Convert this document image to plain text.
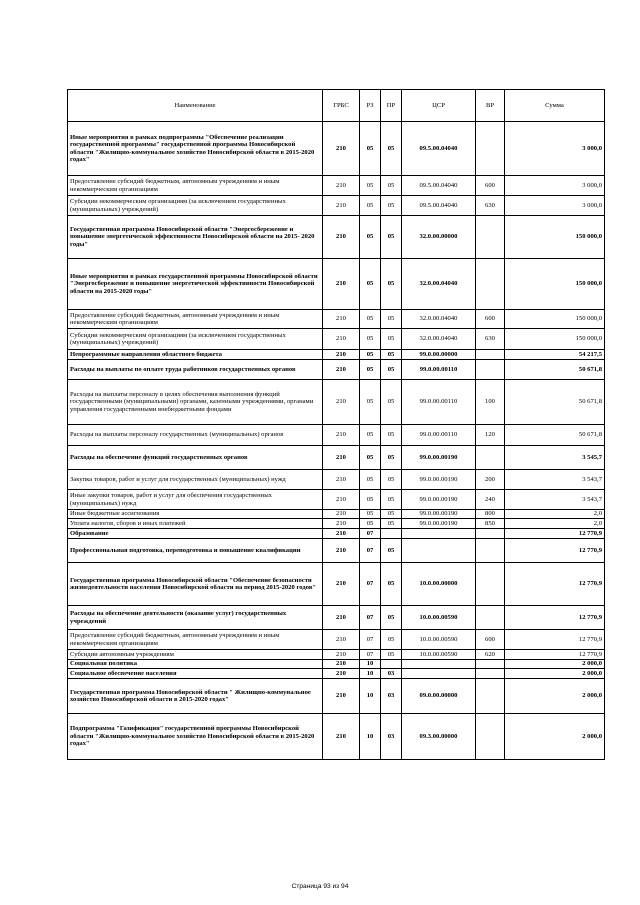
Наименование	ГРБС	РЗ	ПР	ЦСР	ВР	Сумма
Иные мероприятия в рамках подпрограммы "Обеспечение реализации государственной программы" государственной программы Новосибирской области "Жилищно-коммунальное хозяйство Новосибирской области в 2015-2020 годах"	210	05	05	09.5.00.04040		3 000,0
Предоставление субсидий бюджетным, автономным учреждениям и иным некоммерческим организациям	210	05	05	09.5.00.04040	600	3 000,0
Субсидии некоммерческим организациям (за исключением государственных (муниципальных) учреждений)	210	05	05	09.5.00.04040	630	3 000,0
Государственная программа Новосибирской области "Энергосбережение и повышение энергетической эффективности Новосибирской области на 2015- 2020 годы"	210	05	05	32.0.00.00000		150 000,0
Иные мероприятия в рамках государственной программы Новосибирской области "Энергосбережение и повышение энергетической эффективности Новосибирской области на 2015-2020 годы"	210	05	05	32.0.00.04040		150 000,0
Предоставление субсидий бюджетным, автономным учреждениям и иным некоммерческим организациям	210	05	05	32.0.00.04040	600	150 000,0
Субсидии некоммерческим организациям (за исключением государственных (муниципальных) учреждений)	210	05	05	32.0.00.04040	630	150 000,0
Непрограммные направления областного бюджета	210	05	05	99.0.00.00000		54 217,5
Расходы на выплаты по оплате труда работников государственных органов	210	05	05	99.0.00.00110		50 671,8
Расходы на выплаты персоналу в целях обеспечения выполнения функций государственными (муниципальными) органами, казенными учреждениями, органами управления государственными внебюджетными фондами	210	05	05	99.0.00.00110	100	50 671,8
Расходы на выплаты персоналу государственных (муниципальных) органов	210	05	05	99.0.00.00110	120	50 671,8
Расходы на обеспечение функций государственных органов	210	05	05	99.0.00.00190		3 545,7
Закупка товаров, работ и услуг для государственных (муниципальных) нужд	210	05	05	99.0.00.00190	200	3 543,7
Иные закупки товаров, работ и услуг для обеспечения государственных (муниципальных) нужд	210	05	05	99.0.00.00190	240	3 543,7
Иные бюджетные ассигнования	210	05	05	99.0.00.00190	800	2,0
Уплата налогов, сборов и иных платежей	210	05	05	99.0.00.00190	850	2,0
Образование	210	07				12 770,9
Профессиональная подготовка, переподготовка и повышение квалификации	210	07	05			12 770,9
Государственная программа Новосибирской области "Обеспечение безопасности жизнедеятельности населения Новосибирской области на период 2015-2020 годов"	210	07	05	10.0.00.00000		12 770,9
Расходы на обеспечение деятельности (оказание услуг) государственных учреждений	210	07	05	10.0.00.00590		12 770,9
Предоставление субсидий бюджетным, автономным учреждениям и иным некоммерческим организациям	210	07	05	10.0.00.00590	600	12 770,9
Субсидии автономным учреждениям	210	07	05	10.0.00.00590	620	12 770,9
Социальная политика	210	10				2 000,0
Социальное обеспечение населения	210	10	03			2 000,0
Государственная программа Новосибирской области " Жилищно-коммунальное хозяйство Новосибирской области в 2015-2020 годах"	210	10	03	09.0.00.00000		2 000,0
Подпрограмма "Газификация" государственной программы Новосибирской области "Жилищно-коммунальное хозяйство Новосибирской области в 2015-2020 годах"	210	10	03	09.3.00.00000		2 000,0
Страница 93 из 94
